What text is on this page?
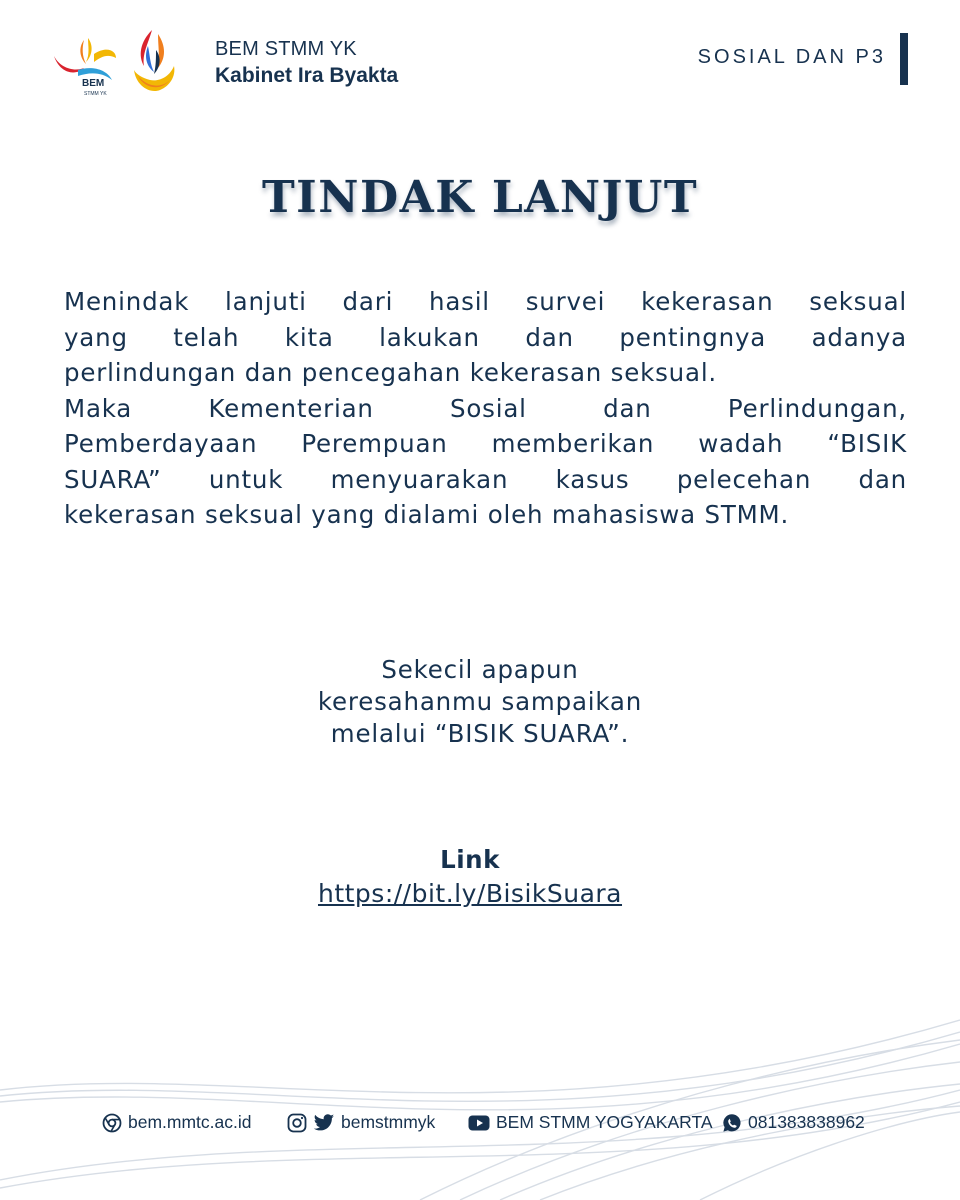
BEM
STMM YK
BEM STMM YK
Kabinet Ira Byakta
SOSIAL DAN P3
TINDAK LANJUT
Menindak lanjuti dari hasil survei kekerasan seksual
yang telah kita lakukan dan pentingnya adanya
perlindungan dan pencegahan kekerasan seksual.
Maka Kementerian Sosial dan Perlindungan,
Pemberdayaan Perempuan memberikan wadah “BISIK
SUARA” untuk menyuarakan kasus pelecehan dan
kekerasan seksual yang dialami oleh mahasiswa STMM.
Sekecil apapun
keresahanmu sampaikan
melalui “BISIK SUARA”.
Link
https://bit.ly/BisikSuara
bem.mmtc.ac.id	bemstmmyk	BEM STMM YOGYAKARTA 081383838962
